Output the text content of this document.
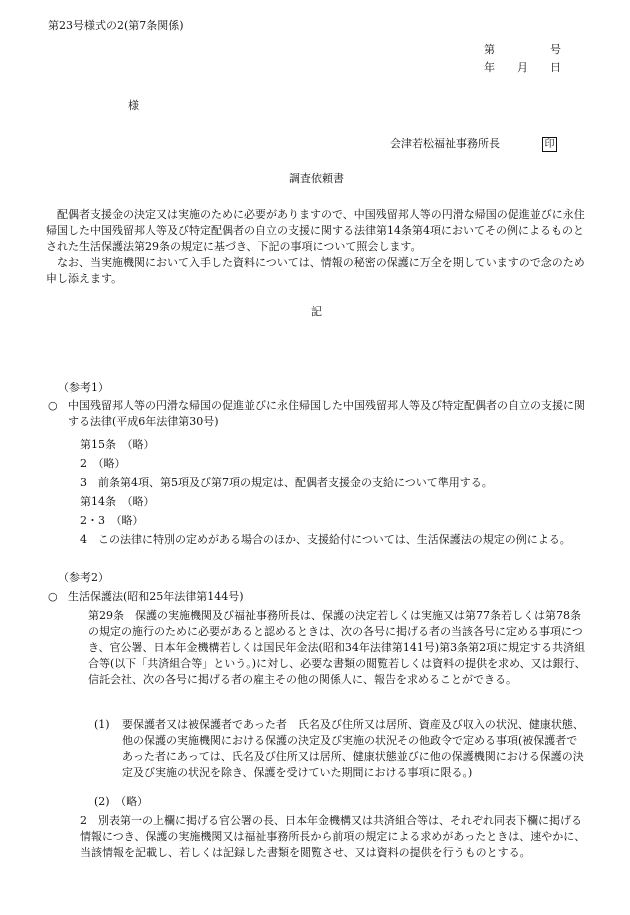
第23号様式の2(第7条関係)
第　　　　　号
年　　月　　日
様
会津若松福祉事務所長	印
調査依頼書

配偶者支援金の決定又は実施のために必要がありますので、中国残留邦人等の円滑な帰国の促進並びに永住帰国した中国残留邦人等及び特定配偶者の自立の支援に関する法律第14条第4項においてその例によるものとされた生活保護法第29条の規定に基づき、下記の事項について照会します。

なお、当実施機関において入手した資料については、情報の秘密の保護に万全を期していますので念のため申し添えます。

記
（参考1）
○ 中国残留邦人等の円滑な帰国の促進並びに永住帰国した中国残留邦人等及び特定配偶者の自立の支援に関する法律(平成6年法律第30号)
第15条　（略）
2　（略）
3　前条第4項、第5項及び第7項の規定は、配偶者支援金の支給について準用する。
第14条　（略）
2・3　（略）
4　この法律に特別の定めがある場合のほか、支援給付については、生活保護法の規定の例による。
（参考2）
○ 生活保護法(昭和25年法律第144号)
第29条　保護の実施機関及び福祉事務所長は、保護の決定若しくは実施又は第77条若しくは第78条の規定の施行のために必要があると認めるときは、次の各号に掲げる者の当該各号に定める事項につき、官公署、日本年金機構若しくは国民年金法(昭和34年法律第141号)第3条第2項に規定する共済組合等(以下「共済組合等」という。)に対し、必要な書類の閲覧若しくは資料の提供を求め、又は銀行、信託会社、次の各号に掲げる者の雇主その他の関係人に、報告を求めることができる。
(1) 要保護者又は被保護者であった者　氏名及び住所又は居所、資産及び収入の状況、健康状態、他の保護の実施機関における保護の決定及び実施の状況その他政令で定める事項(被保護者であった者にあっては、氏名及び住所又は居所、健康状態並びに他の保護機関における保護の決定及び実施の状況を除き、保護を受けていた期間における事項に限る。)
(2)　（略）
2　別表第一の上欄に掲げる官公署の長、日本年金機構又は共済組合等は、それぞれ同表下欄に掲げる情報につき、保護の実施機関又は福祉事務所長から前項の規定による求めがあったときは、速やかに、当該情報を記載し、若しくは記録した書類を閲覧させ、又は資料の提供を行うものとする。
